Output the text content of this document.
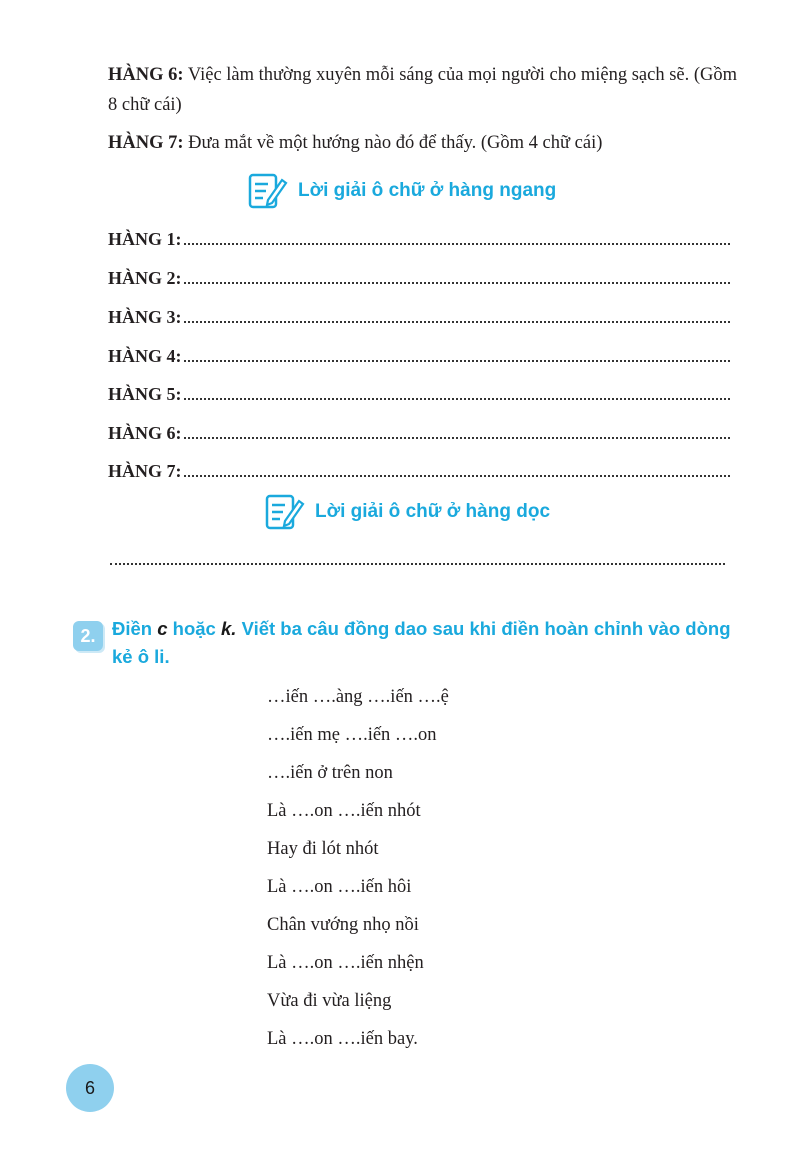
HÀNG 6: Việc làm thường xuyên mỗi sáng của mọi người cho miệng sạch sẽ. (Gồm 8 chữ cái)
HÀNG 7: Đưa mắt về một hướng nào đó để thấy. (Gồm 4 chữ cái)
Lời giải ô chữ ở hàng ngang
HÀNG 1:
HÀNG 2:
HÀNG 3:
HÀNG 4:
HÀNG 5:
HÀNG 6:
HÀNG 7:
Lời giải ô chữ ở hàng dọc
2. Điền c hoặc k. Viết ba câu đồng dao sau khi điền hoàn chỉnh vào dòng kẻ ô li.
…iến ….àng ….iến ….ệ
….iến mẹ ….iến ….on
….iến ở trên non
Là ….on ….iến nhót
Hay đi lót nhót
Là ….on ….iến hôi
Chân vướng nhọ nồi
Là ….on ….iến nhện
Vừa đi vừa liệng
Là ….on ….iến bay.
6
